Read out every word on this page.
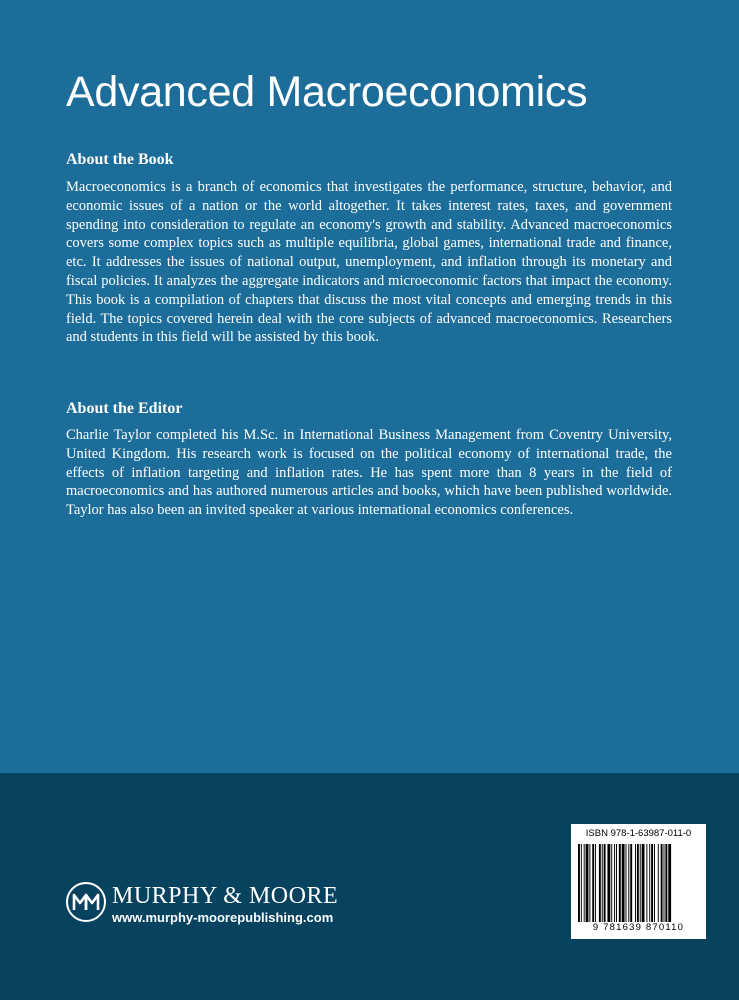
Advanced Macroeconomics
About the Book

Macroeconomics is a branch of economics that investigates the performance, structure, behavior, and economic issues of a nation or the world altogether. It takes interest rates, taxes, and government spending into consideration to regulate an economy's growth and stability. Advanced macroeconomics covers some complex topics such as multiple equilibria, global games, international trade and finance, etc. It addresses the issues of national output, unemployment, and inflation through its monetary and fiscal policies. It analyzes the aggregate indicators and microeconomic factors that impact the economy. This book is a compilation of chapters that discuss the most vital concepts and emerging trends in this field. The topics covered herein deal with the core subjects of advanced macroeconomics. Researchers and students in this field will be assisted by this book.

About the Editor

Charlie Taylor completed his M.Sc. in International Business Management from Coventry University, United Kingdom. His research work is focused on the political economy of international trade, the effects of inflation targeting and inflation rates. He has spent more than 8 years in the field of macroeconomics and has authored numerous articles and books, which have been published worldwide. Taylor has also been an invited speaker at various international economics conferences.

MURPHY & MOORE
www.murphy-moorepublishing.com
ISBN 978-1-63987-011-0
9 781639 870110
